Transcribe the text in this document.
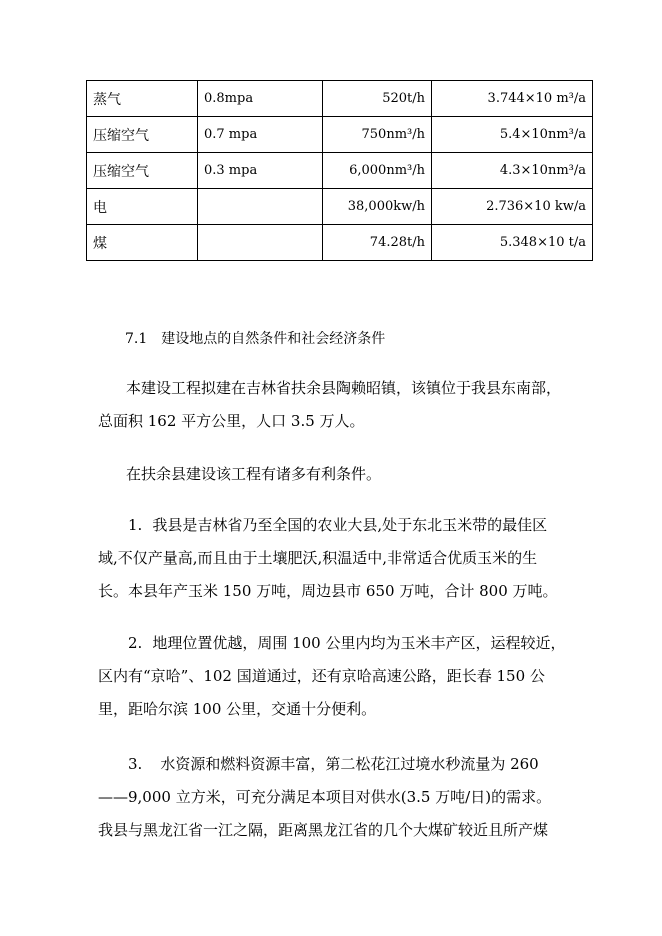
蒸气	0.8mpa	520t/h	3.744×10 m³/a
压缩空气	0.7 mpa	750nm³/h	5.4×10nm³/a
压缩空气	0.3 mpa	6,000nm³/h	4.3×10nm³/a
电		38,000kw/h	2.736×10 kw/a
煤		74.28t/h	5.348×10 t/a
7.1 建设地点的自然条件和社会经济条件

本建设工程拟建在吉林省扶余县陶赖昭镇，该镇位于我县东南部，总面积 162 平方公里，人口 3.5 万人。

在扶余县建设该工程有诸多有利条件。

1. 我县是吉林省乃至全国的农业大县,处于东北玉米带的最佳区域,不仅产量高,而且由于土壤肥沃,积温适中,非常适合优质玉米的生长。本县年产玉米 150 万吨，周边县市 650 万吨，合计 800 万吨。

2. 地理位置优越，周围 100 公里内均为玉米丰产区，运程较近，区内有“京哈”、102 国道通过，还有京哈高速公路，距长春 150 公里，距哈尔滨 100 公里，交通十分便利。

3. 水资源和燃料资源丰富，第二松花江过境水秒流量为 260——9,000 立方米，可充分满足本项目对供水(3.5 万吨/日)的需求。我县与黑龙江省一江之隔，距离黑龙江省的几个大煤矿较近且所产煤
